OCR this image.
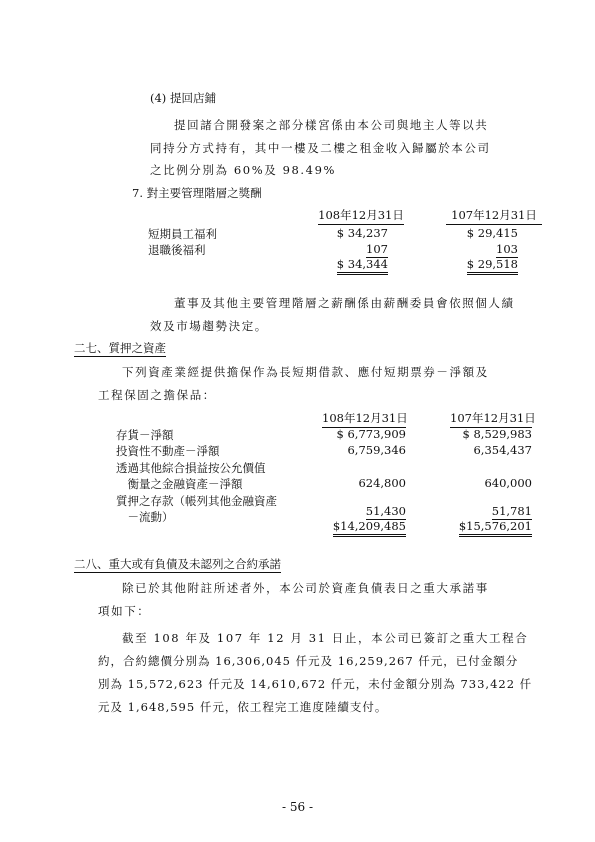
(4) 提回店鋪
提回諸合開發案之部分樣宮係由本公司與地主人等以共
同持分方式持有，其中一樓及二樓之租金收入歸屬於本公司
之比例分別為 60%及 98.49%
7. 對主要管理階層之獎酬
108年12月31日	107年12月31日
短期員工福利	$ 34,237	$ 29,415
退職後福利	107	103
$ 34,344	$ 29,518
董事及其他主要管理階層之薪酬係由薪酬委員會依照個人績
效及市場趨勢決定。
二七、質押之資產
下列資產業經提供擔保作為長短期借款、應付短期票券－淨額及
工程保固之擔保品：
108年12月31日	107年12月31日
存貨－淨額	$ 6,773,909	$ 8,529,983
投資性不動產－淨額	6,759,346	6,354,437
透過其他綜合損益按公允價值
　衡量之金融資產－淨額	624,800	640,000
質押之存款（帳列其他金融資產
　－流動）	51,430	51,781
$14,209,485	$15,576,201
二八、重大或有負債及未認列之合約承諾
除已於其他附註所述者外，本公司於資產負債表日之重大承諾事
項如下：
截至 108 年及 107 年 12 月 31 日止，本公司已簽訂之重大工程合
約，合約總價分別為 16,306,045 仟元及 16,259,267 仟元，已付金額分
別為 15,572,623 仟元及 14,610,672 仟元，未付金額分別為 733,422 仟
元及 1,648,595 仟元，依工程完工進度陸續支付。
- 56 -
